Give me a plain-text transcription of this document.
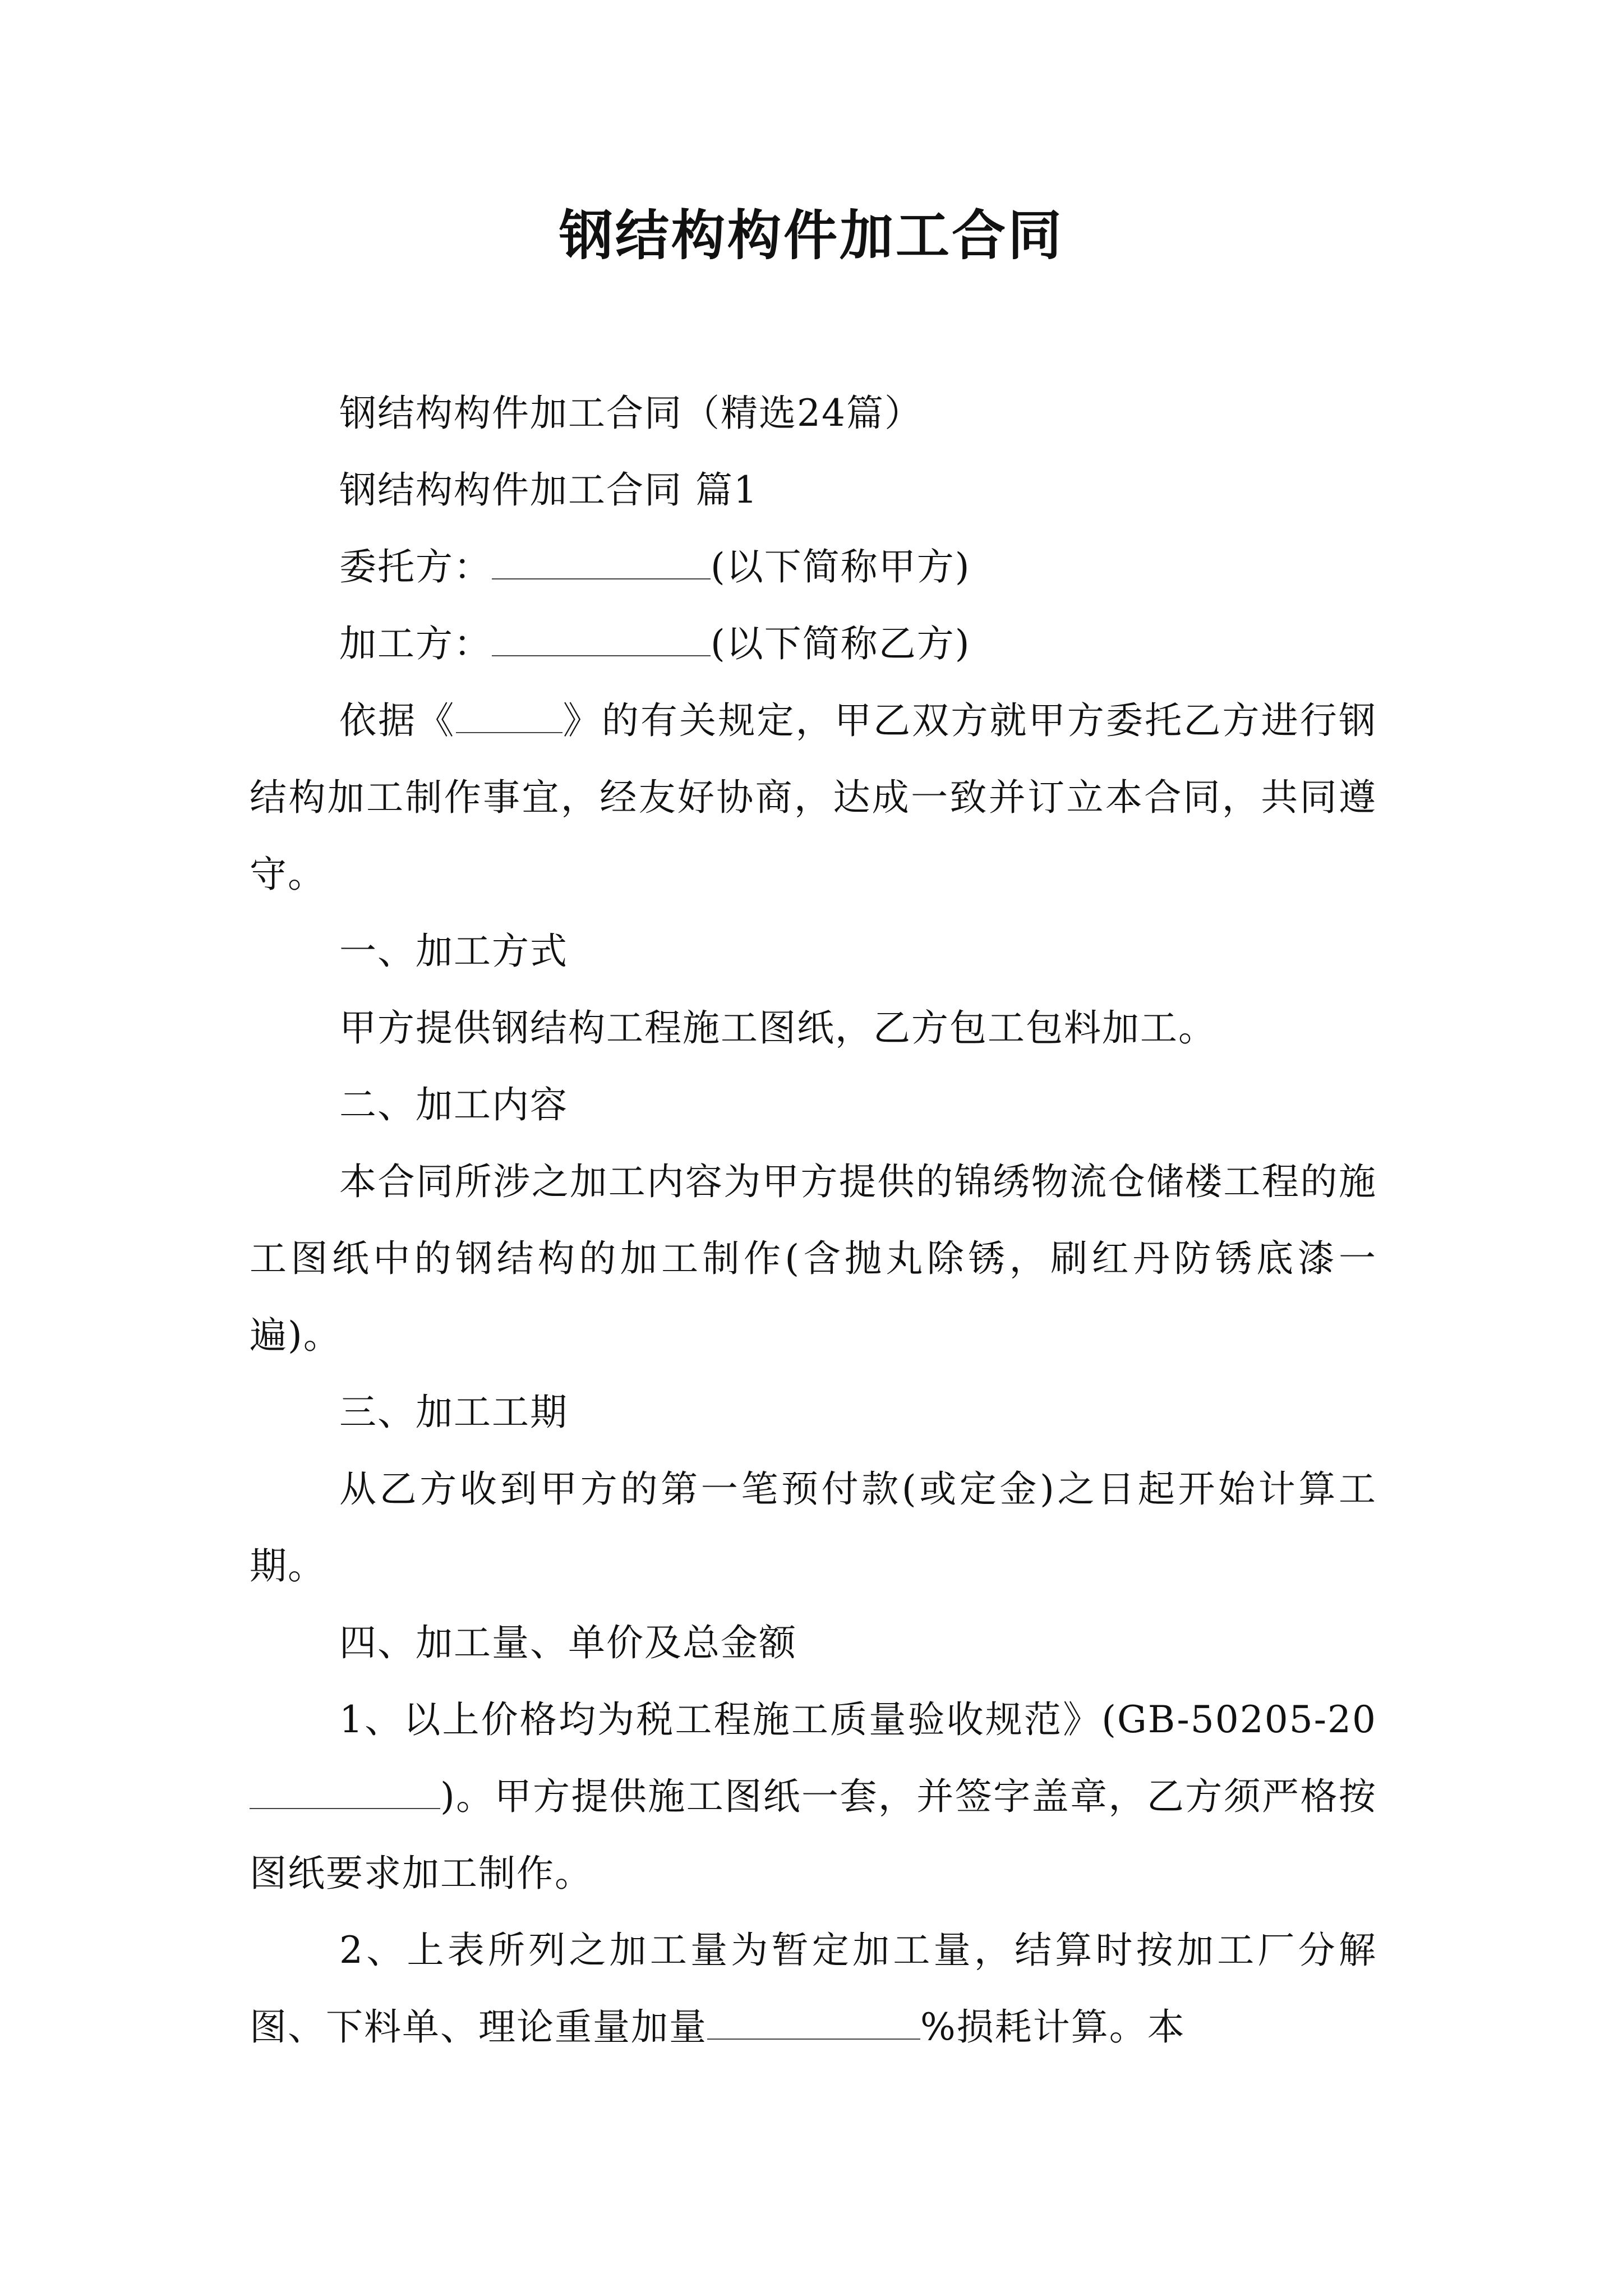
钢结构构件加工合同

钢结构构件加工合同（精选24篇）

钢结构构件加工合同 篇1

委托方：	(以下简称甲方)

加工方：	(以下简称乙方)

依据《	》的有关规定，甲乙双方就甲方委托乙方进行钢结构加工制作事宜，经友好协商，达成一致并订立本合同，共同遵守。

一、加工方式

甲方提供钢结构工程施工图纸，乙方包工包料加工。

二、加工内容

本合同所涉之加工内容为甲方提供的锦绣物流仓储楼工程的施工图纸中的钢结构的加工制作(含抛丸除锈，刷红丹防锈底漆一遍)。

三、加工工期

从乙方收到甲方的第一笔预付款(或定金)之日起开始计算工期。

四、加工量、单价及总金额

1、以上价格均为税工程施工质量验收规范》(GB-50205-20)。甲方提供施工图纸一套，并签字盖章，乙方须严格按图纸要求加工制作。

2、上表所列之加工量为暂定加工量，结算时按加工厂分解图、下料单、理论重量加量	%损耗计算。本
